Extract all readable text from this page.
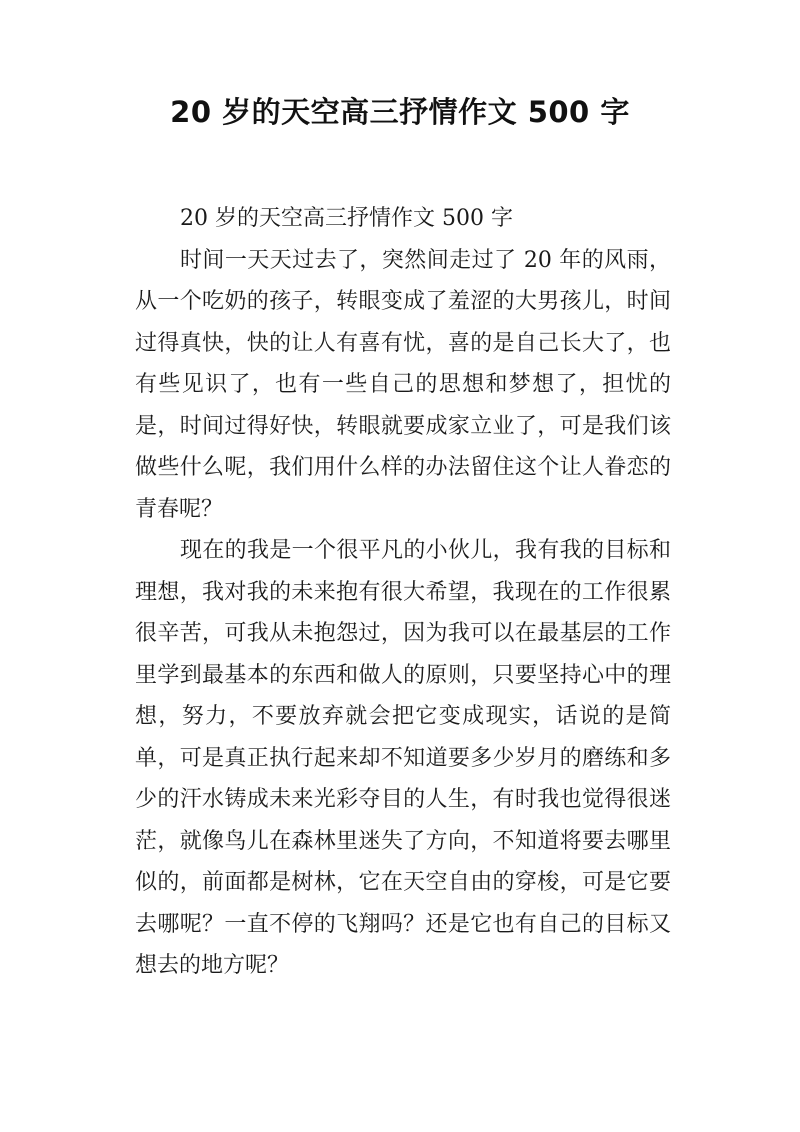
20 岁的天空高三抒情作文 500 字

20 岁的天空高三抒情作文 500 字

时间一天天过去了，突然间走过了 20 年的风雨，从一个吃奶的孩子，转眼变成了羞涩的大男孩儿，时间过得真快，快的让人有喜有忧，喜的是自己长大了，也有些见识了，也有一些自己的思想和梦想了，担忧的是，时间过得好快，转眼就要成家立业了，可是我们该做些什么呢，我们用什么样的办法留住这个让人眷恋的青春呢？

现在的我是一个很平凡的小伙儿，我有我的目标和理想，我对我的未来抱有很大希望，我现在的工作很累很辛苦，可我从未抱怨过，因为我可以在最基层的工作里学到最基本的东西和做人的原则，只要坚持心中的理想，努力，不要放弃就会把它变成现实，话说的是简单，可是真正执行起来却不知道要多少岁月的磨练和多少的汗水铸成未来光彩夺目的人生，有时我也觉得很迷茫，就像鸟儿在森林里迷失了方向，不知道将要去哪里似的，前面都是树林，它在天空自由的穿梭，可是它要去哪呢？一直不停的飞翔吗？还是它也有自己的目标又想去的地方呢？
